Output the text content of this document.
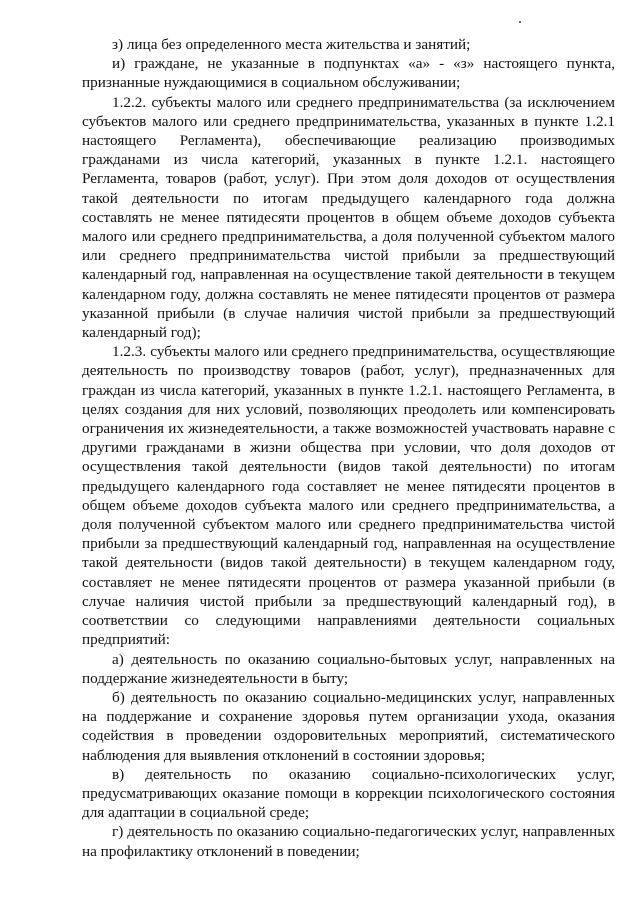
з) лица без определенного места жительства и занятий;

и) граждане, не указанные в подпунктах «а» - «з» настоящего пункта, признанные нуждающимися в социальном обслуживании;

1.2.2. субъекты малого или среднего предпринимательства (за исключением субъектов малого или среднего предпринимательства, указанных в пункте 1.2.1 настоящего Регламента), обеспечивающие реализацию производимых гражданами из числа категорий, указанных в пункте 1.2.1. настоящего Регламента, товаров (работ, услуг). При этом доля доходов от осуществления такой деятельности по итогам предыдущего календарного года должна составлять не менее пятидесяти процентов в общем объеме доходов субъекта малого или среднего предпринимательства, а доля полученной субъектом малого или среднего предпринимательства чистой прибыли за предшествующий календарный год, направленная на осуществление такой деятельности в текущем календарном году, должна составлять не менее пятидесяти процентов от размера указанной прибыли (в случае наличия чистой прибыли за предшествующий календарный год);

1.2.3. субъекты малого или среднего предпринимательства, осуществляющие деятельность по производству товаров (работ, услуг), предназначенных для граждан из числа категорий, указанных в пункте 1.2.1. настоящего Регламента, в целях создания для них условий, позволяющих преодолеть или компенсировать ограничения их жизнедеятельности, а также возможностей участвовать наравне с другими гражданами в жизни общества при условии, что доля доходов от осуществления такой деятельности (видов такой деятельности) по итогам предыдущего календарного года составляет не менее пятидесяти процентов в общем объеме доходов субъекта малого или среднего предпринимательства, а доля полученной субъектом малого или среднего предпринимательства чистой прибыли за предшествующий календарный год, направленная на осуществление такой деятельности (видов такой деятельности) в текущем календарном году, составляет не менее пятидесяти процентов от размера указанной прибыли (в случае наличия чистой прибыли за предшествующий календарный год), в соответствии со следующими направлениями деятельности социальных предприятий:

а) деятельность по оказанию социально-бытовых услуг, направленных на поддержание жизнедеятельности в быту;

б) деятельность по оказанию социально-медицинских услуг, направленных на поддержание и сохранение здоровья путем организации ухода, оказания содействия в проведении оздоровительных мероприятий, систематического наблюдения для выявления отклонений в состоянии здоровья;

в) деятельность по оказанию социально-психологических услуг, предусматривающих оказание помощи в коррекции психологического состояния для адаптации в социальной среде;

г) деятельность по оказанию социально-педагогических услуг, направленных на профилактику отклонений в поведении;
